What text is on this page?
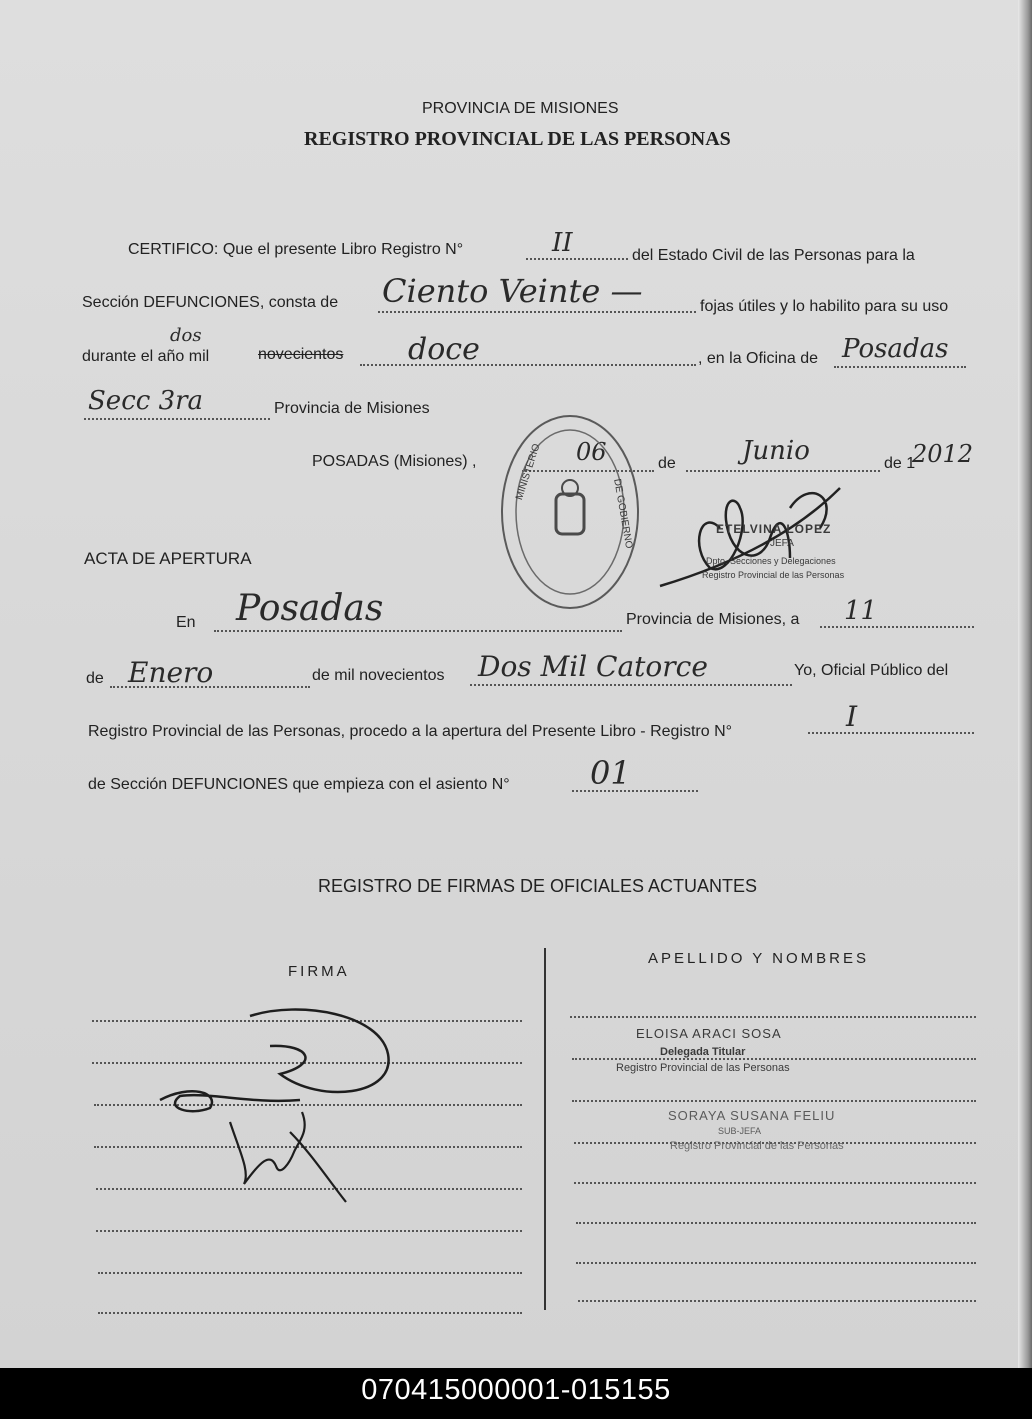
PROVINCIA DE MISIONES
REGISTRO PROVINCIAL DE LAS PERSONAS
CERTIFICO: Que el presente Libro Registro N°	II	del Estado Civil de las Personas para la
Sección DEFUNCIONES, consta de Ciento Veinte —	fojas útiles y lo habilito para su uso
durante el año mil
dos
novecientos doce	, en la Oficina de Posadas
Secc 3ra	Provincia de Misiones
POSADAS (Misiones) ,	06	de	Junio	de 1
2012
MINISTERIO
DE GOBIERNO	ETELVINA LOPEZ
JEFA
Dpto. Secciones y Delegaciones
Registro Provincial de las Personas
ACTA DE APERTURA
En Posadas	Provincia de Misiones, a 11
de Enero	de mil novecientos Dos Mil Catorce	Yo, Oficial Público del
Registro Provincial de las Personas, procedo a la apertura del Presente Libro - Registro N°	I
de Sección DEFUNCIONES que empieza con el asiento N°	01
REGISTRO DE FIRMAS DE OFICIALES ACTUANTES
FIRMA
APELLIDO Y NOMBRES
ELOISA ARACI SOSA
Delegada Titular
Registro Provincial de las Personas
SORAYA SUSANA FELIU
SUB-JEFA
Registro Provincial de las Personas
070415000001-015155
